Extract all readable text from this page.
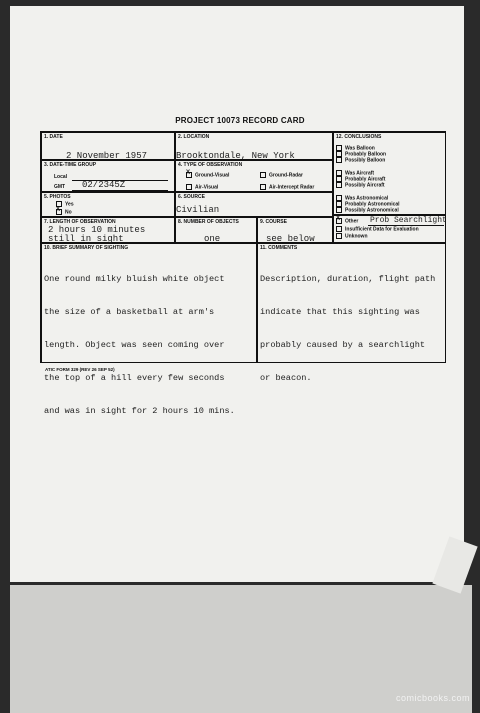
PROJECT 10073 RECORD CARD
1. DATE
2 November 1957
2. LOCATION
Brooktondale, New York
12. CONCLUSIONS
Was Balloon
Probably Balloon
Possibly Balloon
Was Aircraft
Probably Aircraft
Possibly Aircraft
Was Astronomical
Probably Astronomical
Possibly Astronomical
3. DATE-TIME GROUP
Local
GMT 02/2345Z
4. TYPE OF OBSERVATION
X Ground-Visual	Ground-Radar
Air-Visual	Air-Intercept Radar
5. PHOTOS
Yes
X No
6. SOURCE
Civilian
7. LENGTH OF OBSERVATION
2 hours 10 minutes
still in sight
8. NUMBER OF OBJECTS
one
9. COURSE
see below
X Other Prob Searchlight
Insufficient Data for Evaluation
Unknown
10. BRIEF SUMMARY OF SIGHTING

One round milky bluish white object

the size of a basketball at arm's

length. Object was seen coming over

the top of a hill every few seconds

and was in sight for 2 hours 10 mins.

11. COMMENTS

Description, duration, flight path

indicate that this sighting was

probably caused by a searchlight

or beacon.

ATIC FORM 329 (REV 26 SEP 52)
comicbooks.com
